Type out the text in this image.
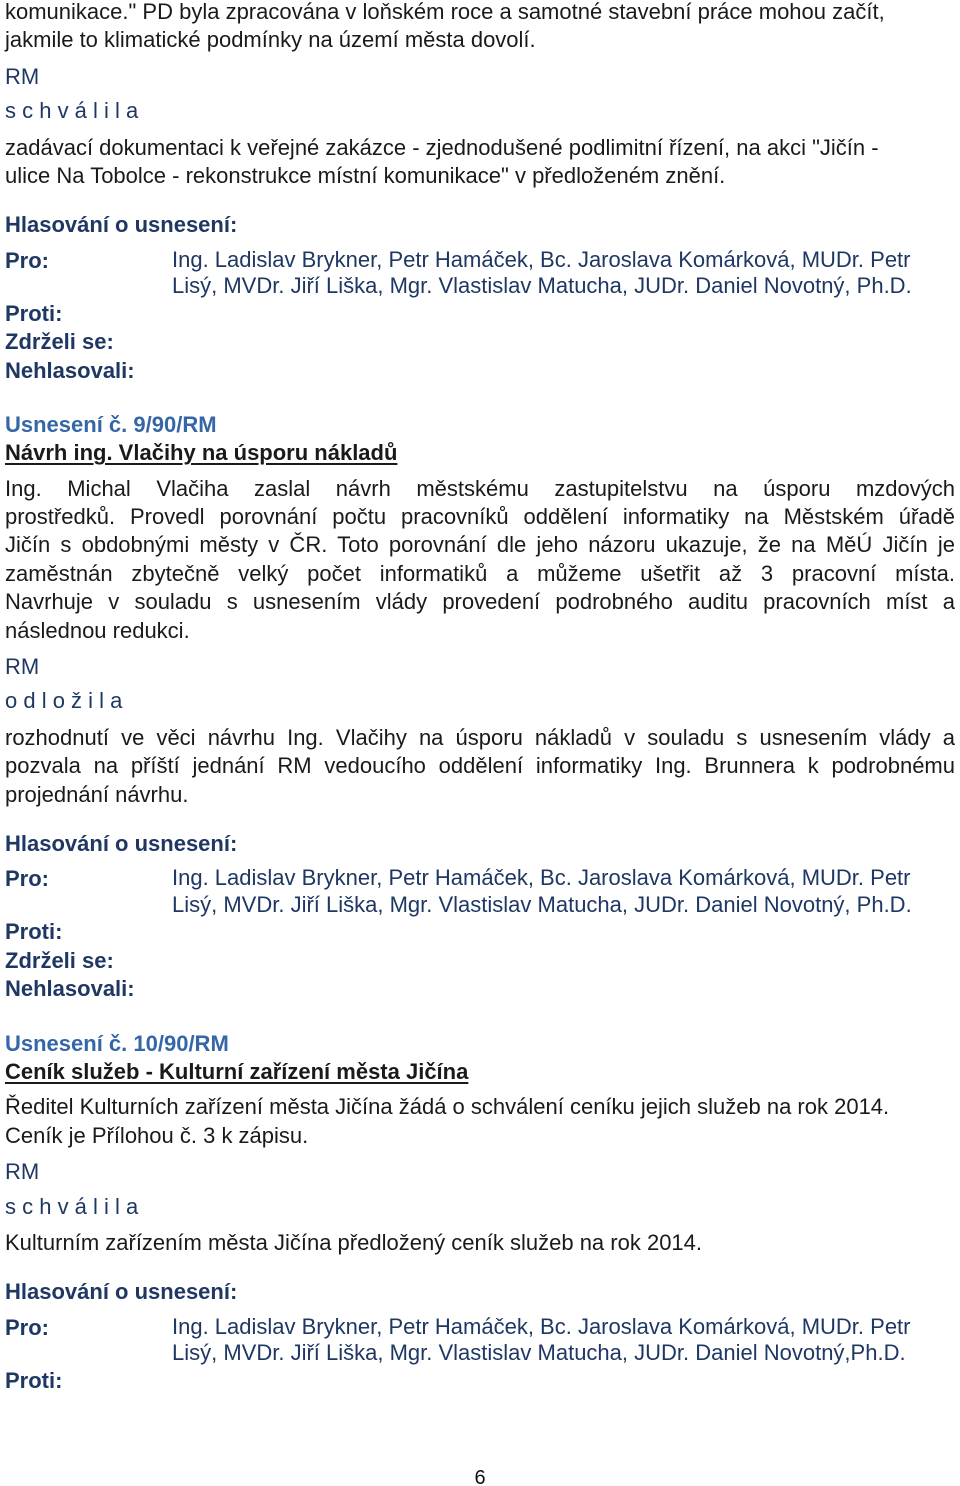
komunikace." PD byla zpracována v loňském roce a samotné stavební práce mohou začít,
jakmile to klimatické podmínky na území města dovolí.
RM
s c h v á l i l a
zadávací dokumentaci k veřejné zakázce - zjednodušené podlimitní řízení, na akci "Jičín -
ulice Na Tobolce - rekonstrukce místní komunikace" v předloženém znění.
Hlasování o usnesení:
Pro:	Ing. Ladislav Brykner, Petr Hamáček, Bc. Jaroslava Komárková, MUDr. Petr
Lisý, MVDr. Jiří Liška, Mgr. Vlastislav Matucha, JUDr. Daniel Novotný, Ph.D.
Proti:
Zdrželi se:
Nehlasovali:
Usnesení č. 9/90/RM
Návrh ing. Vlačihy na úsporu nákladů
Ing. Michal Vlačiha zaslal návrh městskému zastupitelstvu na úsporu mzdových
prostředků. Provedl porovnání počtu pracovníků oddělení informatiky na Městském úřadě
Jičín s obdobnými městy v ČR. Toto porovnání dle jeho názoru ukazuje, že na MěÚ Jičín je
zaměstnán zbytečně velký počet informatiků a můžeme ušetřit až 3 pracovní místa.
Navrhuje v souladu s usnesením vlády provedení podrobného auditu pracovních míst a
následnou redukci.
RM
o d l o ž i l a
rozhodnutí ve věci návrhu Ing. Vlačihy na úsporu nákladů v souladu s usnesením vlády a
pozvala na příští jednání RM vedoucího oddělení informatiky Ing. Brunnera k podrobnému
projednání návrhu.
Hlasování o usnesení:
Pro:	Ing. Ladislav Brykner, Petr Hamáček, Bc. Jaroslava Komárková, MUDr. Petr
Lisý, MVDr. Jiří Liška, Mgr. Vlastislav Matucha, JUDr. Daniel Novotný, Ph.D.
Proti:
Zdrželi se:
Nehlasovali:
Usnesení č. 10/90/RM
Ceník služeb - Kulturní zařízení města Jičína
Ředitel Kulturních zařízení města Jičína žádá o schválení ceníku jejich služeb na rok 2014.
Ceník je Přílohou č. 3 k zápisu.
RM
s c h v á l i l a
Kulturním zařízením města Jičína předložený ceník služeb na rok 2014.
Hlasování o usnesení:
Pro:	Ing. Ladislav Brykner, Petr Hamáček, Bc. Jaroslava Komárková, MUDr. Petr
Lisý, MVDr. Jiří Liška, Mgr. Vlastislav Matucha, JUDr. Daniel Novotný,Ph.D.
Proti:
6
